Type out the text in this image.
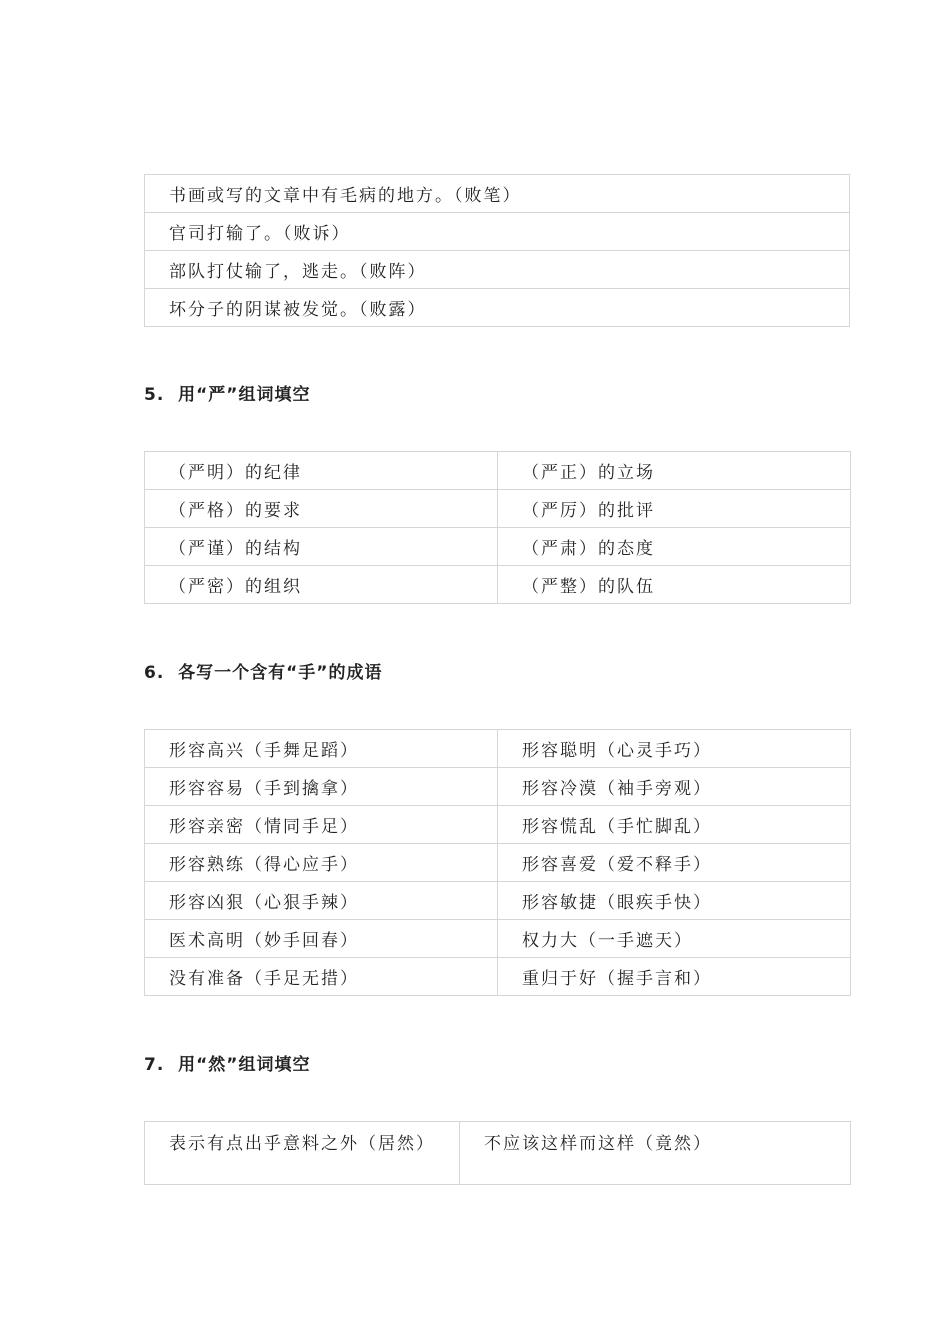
书画或写的文章中有毛病的地方。（败笔）
官司打输了。（败诉）
部队打仗输了，逃走。（败阵）
坏分子的阴谋被发觉。（败露）
5.  用“严”组词填空
（严明）的纪律	（严正）的立场
（严格）的要求	（严厉）的批评
（严谨）的结构	（严肃）的态度
（严密）的组织	（严整）的队伍
6.  各写一个含有“手”的成语
形容高兴（手舞足蹈）	形容聪明（心灵手巧）
形容容易（手到擒拿）	形容冷漠（袖手旁观）
形容亲密（情同手足）	形容慌乱（手忙脚乱）
形容熟练（得心应手）	形容喜爱（爱不释手）
形容凶狠（心狠手辣）	形容敏捷（眼疾手快）
医术高明（妙手回春）	权力大（一手遮天）
没有准备（手足无措）	重归于好（握手言和）
7.  用“然”组词填空
表示有点出乎意料之外（居然）	不应该这样而这样（竟然）
